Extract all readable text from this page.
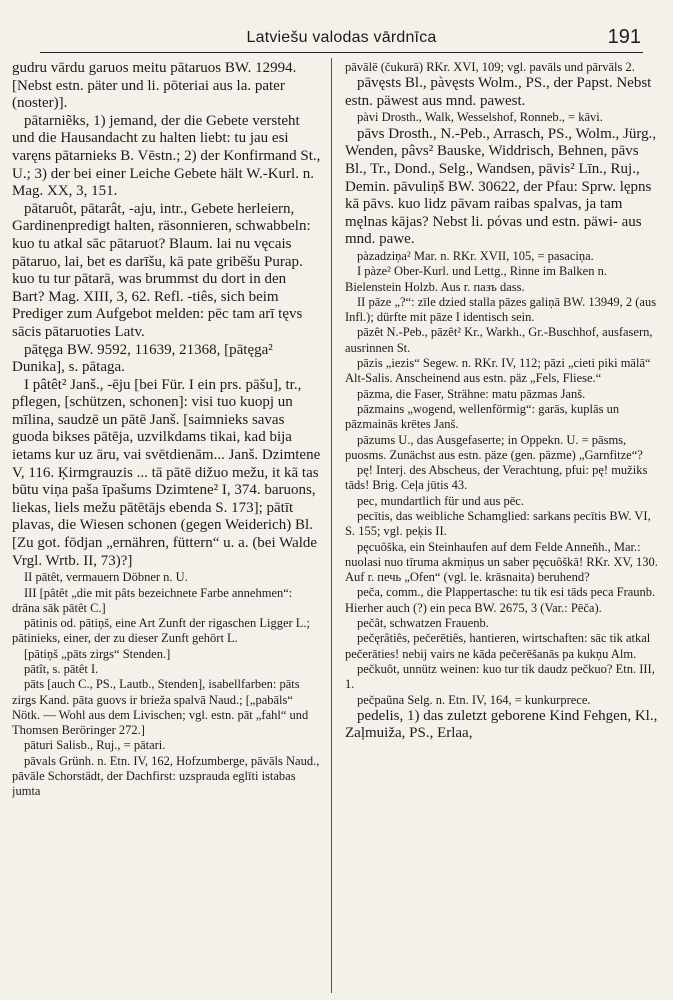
Latviešu valodas vārdnīca	191

gudru vārdu garuos meitu pātaruos BW. 12994. [Nebst estn. päter und li. pōteriai aus la. pater (noster)].

pātarniẽks, 1) jemand, der die Gebete versteht und die Hausandacht zu halten liebt: tu jau esi varęns pātarnieks B. Vēstn.; 2) der Konfirmand St., U.; 3) der bei einer Leiche Gebete hält W.-Kurl. n. Mag. XX, 3, 151.

pātaruôt, pātarât, -aju, intr., Gebete herleiern, Gardinenpredigt halten, räsonnieren, schwabbeln: kuo tu atkal sāc pātaruot? Blaum. lai nu vęcais pātaruo, lai, bet es darīšu, kā pate gribēšu Purap. kuo tu tur pātarā, was brummst du dort in den Bart? Mag. XIII, 3, 62. Refl. -tiês, sich beim Prediger zum Aufgebot melden: pēc tam arī tęvs sācis pātaruoties Latv.

pātęga BW. 9592, 11639, 21368, [pātęga² Dunika], s. pātaga.

I pâtêt² Janš., -ēju [bei Für. I ein prs. pāšu], tr., pflegen, [schützen, schonen]: visi tuo kuopj un mīlina, saudzē un pātē Janš. [saimnieks savas guoda bikses pātēja, uzvilkdams tikai, kad bija ietams kur uz āru, vai svētdienām... Janš. Dzimtene V, 116. Ķirmgrauzis ... tā pātē dižuo mežu, it kā tas būtu viņa paša īpašums Dzimtene² I, 374. baruons, liekas, liels mežu pātētājs ebenda S. 173]; pātīt plavas, die Wiesen schonen (gegen Weiderich) Bl. [Zu got. fōdjan „ernähren, füttern“ u. a. (bei Walde Vrgl. Wrtb. II, 73)?]

II pātêt, vermauern Döbner n. U.

III [pâtêt „die mit pâts bezeichnete Farbe annehmen“: drāna sāk pātêt C.]

pātinis od. pātiņš, eine Art Zunft der rigaschen Ligger L.; pātinieks, einer, der zu dieser Zunft gehört L.

[pātiņš „pāts zirgs“ Stenden.]

pātît, s. pātêt I.

pāts [auch C., PS., Lautb., Stenden], isabellfarben: pāts zirgs Kand. pāta guovs ir brieža spalvā Naud.; [„pabāls“ Nötk. — Wohl aus dem Livischen; vgl. estn. pāt „fahl“ und Thomsen Beröringer 272.]

pāturi Salisb., Ruj., = pātari.

pāvals Grünh. n. Etn. IV, 162, Hofzumberge, pāvāls Naud., pāvāle Schorstädt, der Dachfirst: uzsprauda eglīti istabas jumta

pāvālē (čukurā) RKr. XVI, 109; vgl. pavāls und pārvāls 2.

pāvęsts Bl., pàvęsts Wolm., PS., der Papst. Nebst estn. päwest aus mnd. pawest.

pàvi Drosth., Walk, Wesselshof, Ronneb., = kāvi.

pāvs Drosth., N.-Peb., Arrasch, PS., Wolm., Jürg., Wenden, pâvs² Bauske, Widdrisch, Behnen, pāvs Bl., Tr., Dond., Selg., Wandsen, pāvis² Līn., Ruj., Demin. pāvuliņš BW. 30622, der Pfau: Sprw. lępns kā pāvs. kuo lidz pāvam raibas spalvas, ja tam męlnas kājas? Nebst li. póvas und estn. päwi- aus mnd. pawe.

pàzadziņa² Mar. n. RKr. XVII, 105, = pasaciņa.

I pàze² Ober-Kurl. und Lettg., Rinne im Balken n. Bielenstein Holzb. Aus r. пазъ dass.

II pāze „?“: zīle dzied stalla pāzes galiņā BW. 13949, 2 (aus Infl.); dürfte mit pāze I identisch sein.

pāzêt N.-Peb., pāzêt² Kr., Warkh., Gr.-Buschhof, ausfasern, ausrinnen St.

pāzis „iezis“ Segew. n. RKr. IV, 112; pāzi „cieti piki mālā“ Alt-Salis. Anscheinend aus estn. päz „Fels, Fliese.“

pāzma, die Faser, Strähne: matu pāzmas Janš.

pāzmains „wogend, wellenförmig“: garās, kuplās un pāzmainās krētes Janš.

pāzums U., das Ausgefaserte; in Oppekn. U. = pāsms, puosms. Zunächst aus estn. päze (gen. päzme) „Garnfitze“?

pę! Interj. des Abscheus, der Verachtung, pfui: pę! mužiks tāds! Brig. Ceļa jūtis 43.

pec, mundartlich für und aus pēc.

pecītis, das weibliche Schamglied: sarkans pecītis BW. VI, S. 155; vgl. peķis II.

pęcuôška, ein Steinhaufen auf dem Felde Anneňh., Mar.: nuolasi nuo tīruma akmiņus un saber pęcuôškā! RKr. XV, 130. Auf r. печь „Ofen“ (vgl. le. krāsnaita) beruhend?

peča, comm., die Plappertasche: tu tik esi tāds peca Fraunb. Hierher auch (?) ein peca BW. 2675, 3 (Var.: Pēča).

pečât, schwatzen Frauenb.

pečęrâtiês, pečerētiês, hantieren, wirtschaften: sāc tik atkal pečerāties! nebij vairs ne kāda pečerēšanās pa kukņu Alm.

pečkuôt, unnütz weinen: kuo tur tik daudz pečkuo? Etn. III, 1.

pečpaũna Selg. n. Etn. IV, 164, = kunkurprece.

pedelis, 1) das zuletzt geborene Kind Fehgen, Kl., Zaļmuiža, PS., Erlaa,
